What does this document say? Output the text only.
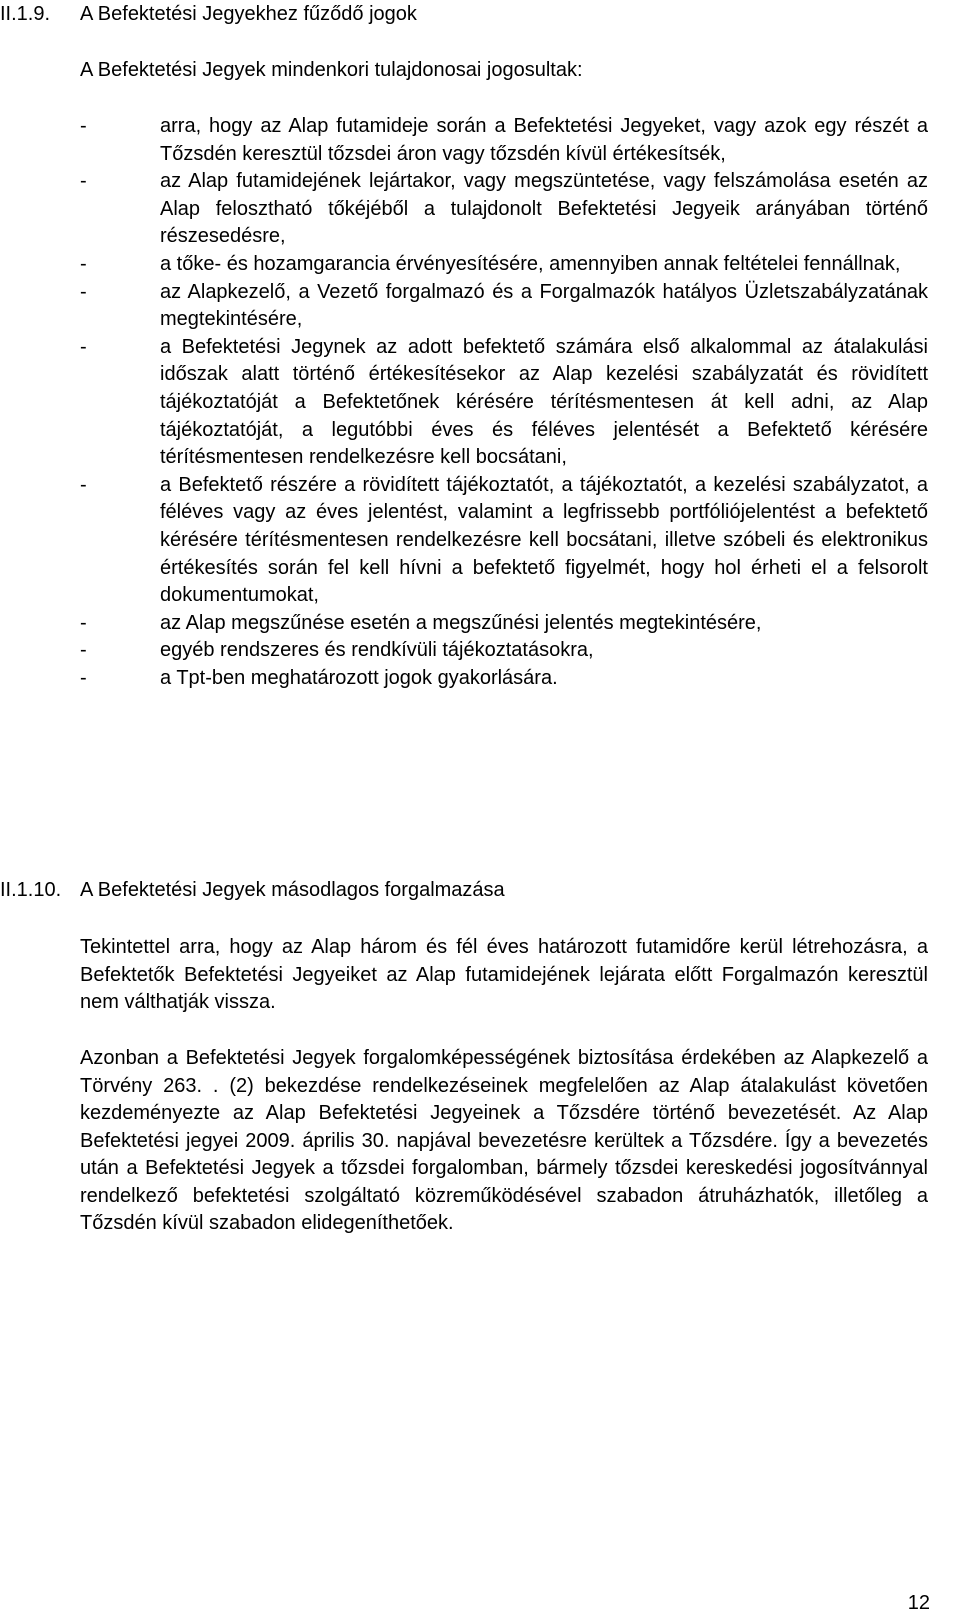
II.1.9. A Befektetési Jegyekhez fűződő jogok
A Befektetési Jegyek mindenkori tulajdonosai jogosultak:
-	arra, hogy az Alap futamideje során a Befektetési Jegyeket, vagy azok egy részét a Tőzsdén keresztül tőzsdei áron vagy tőzsdén kívül értékesítsék,
-	az Alap futamidejének lejártakor, vagy megszüntetése, vagy felszámolása esetén az Alap felosztható tőkéjéből a tulajdonolt Befektetési Jegyeik arányában történő részesedésre,
-	a tőke- és hozamgarancia érvényesítésére, amennyiben annak feltételei fennállnak,
-	az Alapkezelő, a Vezető forgalmazó és a Forgalmazók hatályos Üzletszabályzatának megtekintésére,
-	a Befektetési Jegynek az adott befektető számára első alkalommal az átalakulási időszak alatt történő értékesítésekor az Alap kezelési szabályzatát és rövidített tájékoztatóját a Befektetőnek kérésére térítésmentesen át kell adni, az Alap tájékoztatóját, a legutóbbi éves és féléves jelentését a Befektető kérésére térítésmentesen rendelkezésre kell bocsátani,
-	a Befektető részére a rövidített tájékoztatót, a tájékoztatót, a kezelési szabályzatot, a féléves vagy az éves jelentést, valamint a legfrissebb portfóliójelentést a befektető kérésére térítésmentesen rendelkezésre kell bocsátani, illetve szóbeli és elektronikus értékesítés során fel kell hívni a befektető figyelmét, hogy hol érheti el a felsorolt dokumentumokat,
-	az Alap megszűnése esetén a megszűnési jelentés megtekintésére,
-	egyéb rendszeres és rendkívüli tájékoztatásokra,
-	a Tpt-ben meghatározott jogok gyakorlására.
II.1.10. A Befektetési Jegyek másodlagos forgalmazása

Tekintettel arra, hogy az Alap három és fél éves határozott futamidőre kerül létrehozásra, a Befektetők Befektetési Jegyeiket az Alap futamidejének lejárata előtt Forgalmazón keresztül nem válthatják vissza.

Azonban a Befektetési Jegyek forgalomképességének biztosítása érdekében az Alapkezelő a Törvény 263. . (2) bekezdése rendelkezéseinek megfelelően az Alap átalakulást követően kezdeményezte az Alap Befektetési Jegyeinek a Tőzsdére történő bevezetését. Az Alap Befektetési jegyei 2009. április 30. napjával bevezetésre kerültek a Tőzsdére. Így a bevezetés után a Befektetési Jegyek a tőzsdei forgalomban, bármely tőzsdei kereskedési jogosítvánnyal rendelkező befektetési szolgáltató közreműködésével szabadon átruházhatók, illetőleg a Tőzsdén kívül szabadon elidegeníthetőek.

12
